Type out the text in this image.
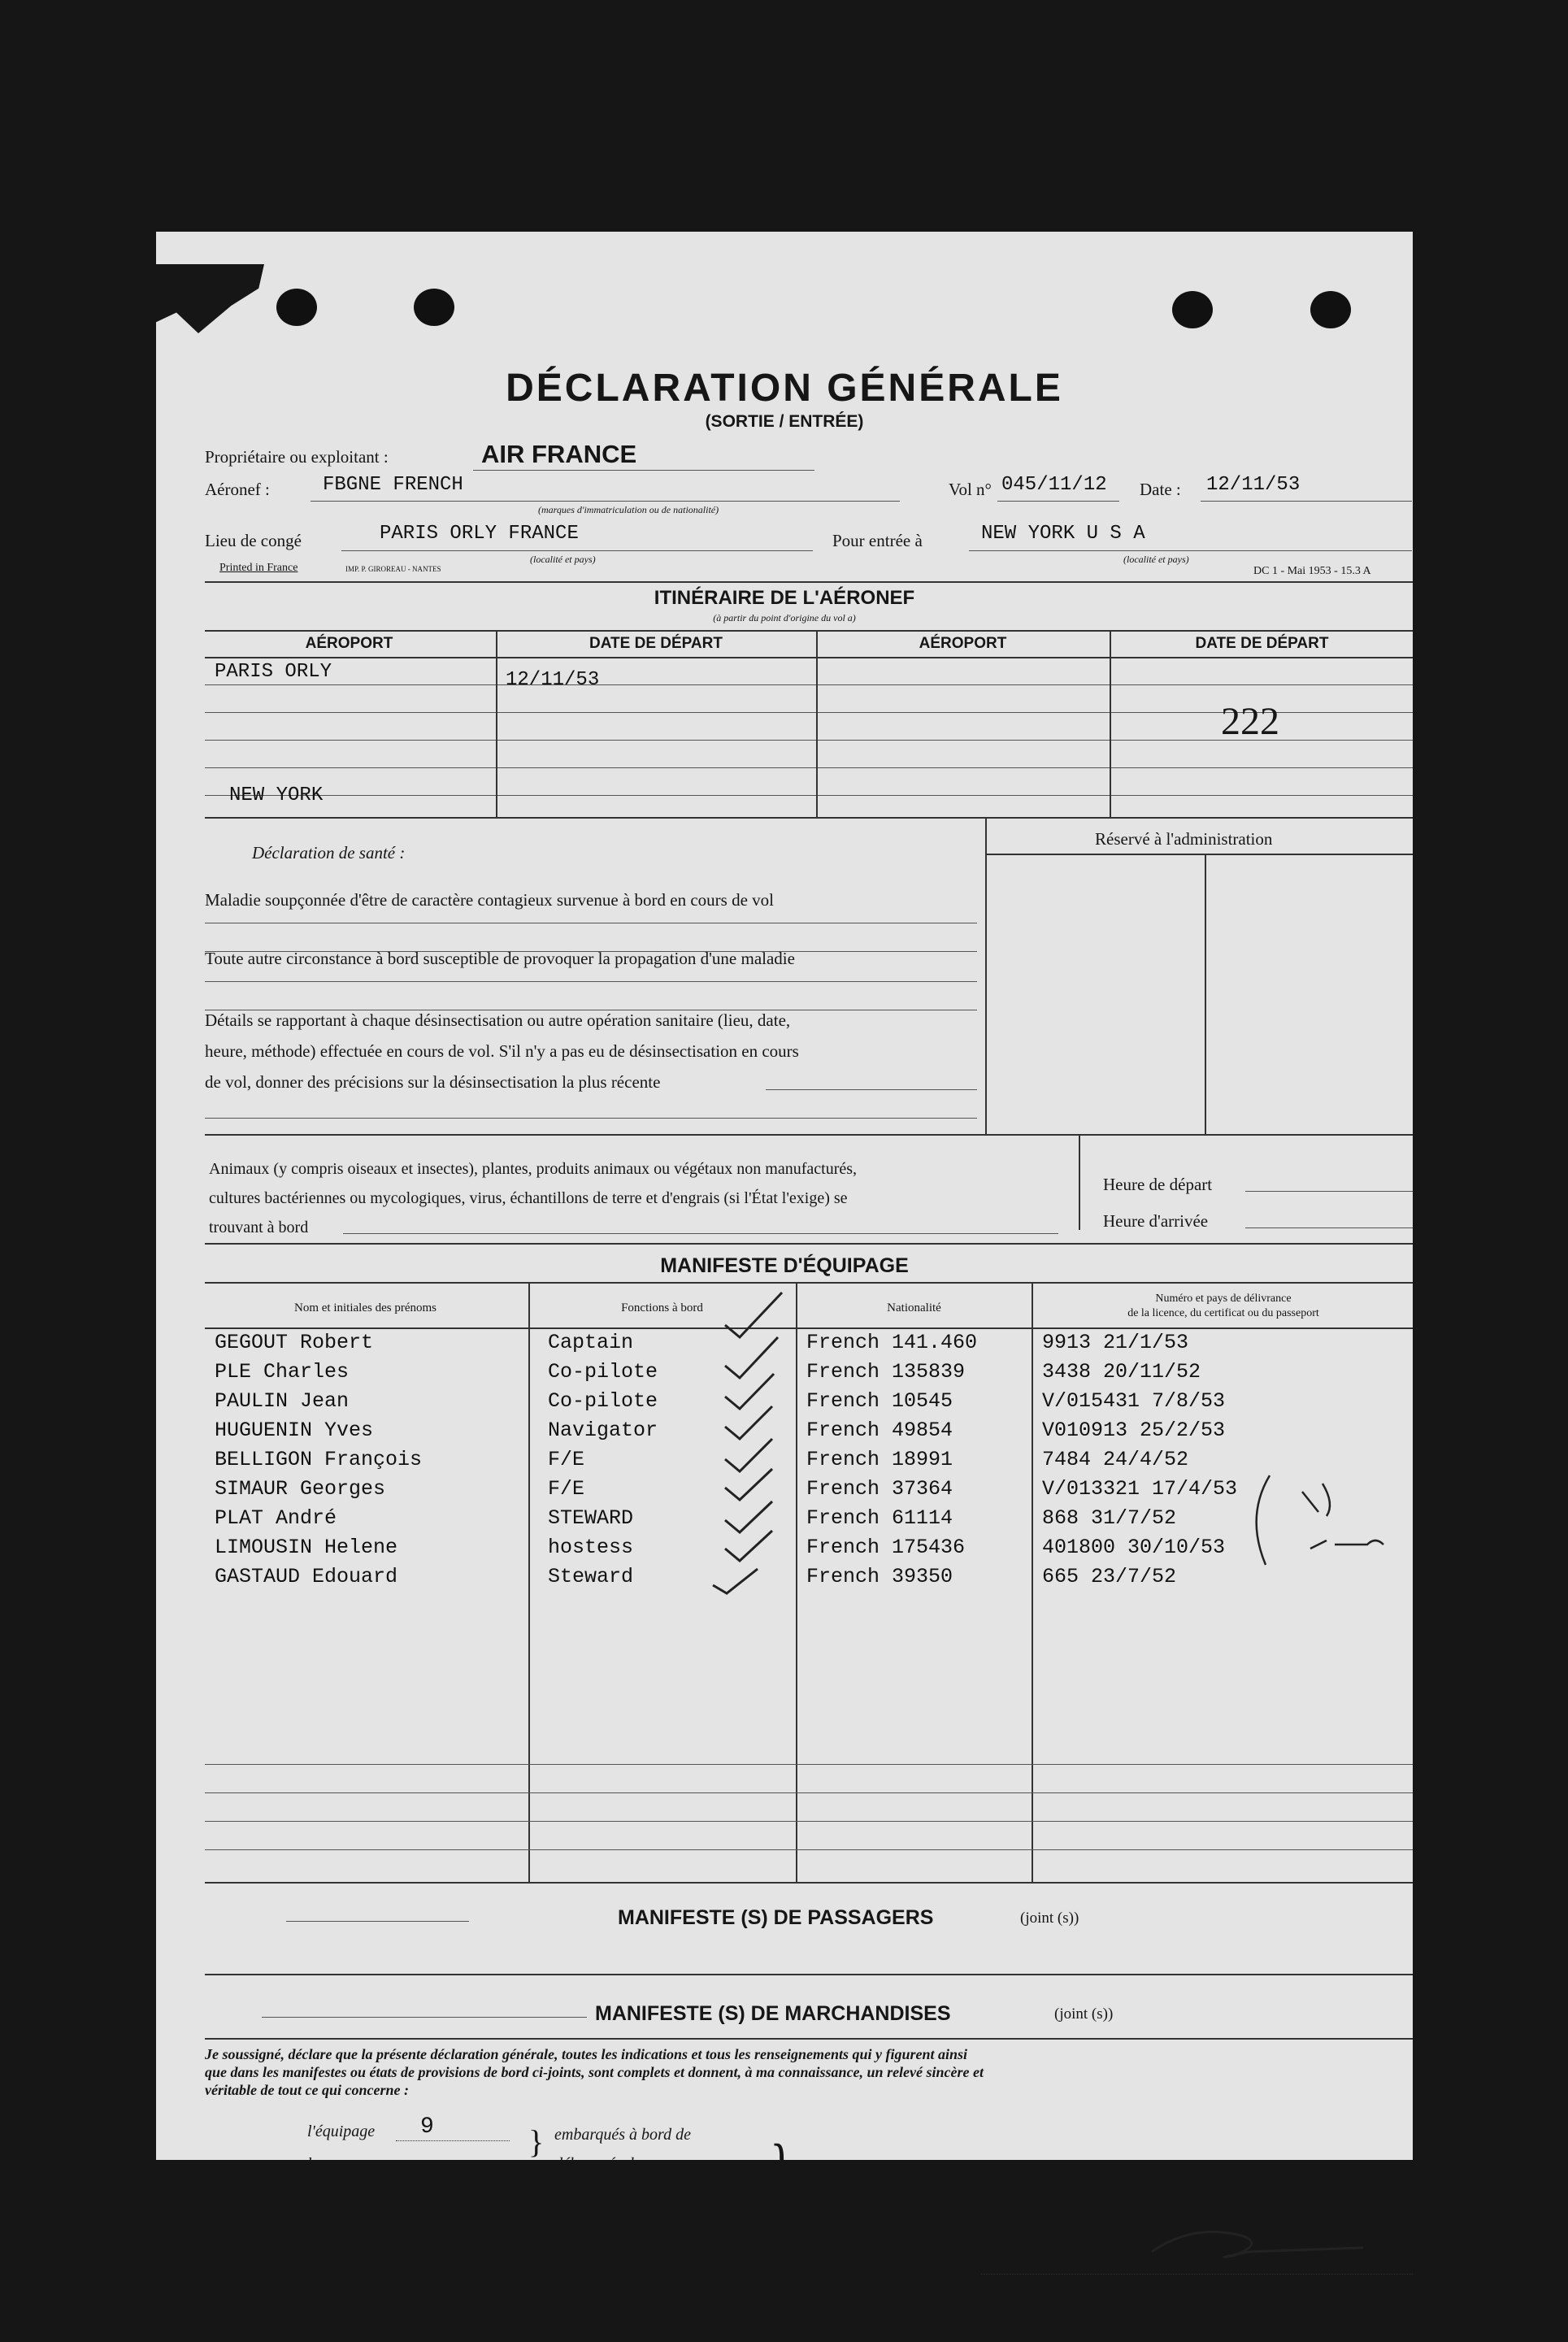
DÉCLARATION GÉNÉRALE
(SORTIE / ENTRÉE)
Propriétaire ou exploitant :	AIR FRANCE
Aéronef :	FBGNE FRENCH
(marques d'immatriculation ou de nationalité)
Vol n° 045/11/12 Date : 12/11/53
Lieu de congé	PARIS ORLY FRANCE
(localité et pays)
Pour entrée à	NEW YORK U S A
(localité et pays)
Printed in France	IMP. P. GIROREAU - NANTES	DC 1 - Mai 1953 - 15.3 A
ITINÉRAIRE DE L'AÉRONEF
(à partir du point d'origine du vol a)
AÉROPORT	DATE DE DÉPART	AÉROPORT	DATE DE DÉPART
PARIS ORLY	12/11/53
NEW YORK
222
Déclaration de santé :
Maladie soupçonnée d'être de caractère contagieux survenue à bord en cours de vol
Toute autre circonstance à bord susceptible de provoquer la propagation d'une maladie
Détails se rapportant à chaque désinsectisation ou autre opération sanitaire (lieu, date,
heure, méthode) effectuée en cours de vol. S'il n'y a pas eu de désinsectisation en cours
de vol, donner des précisions sur la désinsectisation la plus récente
Réservé à l'administration
Animaux (y compris oiseaux et insectes), plantes, produits animaux ou végétaux non manufacturés,
cultures bactériennes ou mycologiques, virus, échantillons de terre et d'engrais (si l'État l'exige) se
trouvant à bord
Heure de départ
Heure d'arrivée
MANIFESTE D'ÉQUIPAGE
Nom et initiales des prénoms	Fonctions à bord	Nationalité
Numéro et pays de délivrance
de la licence, du certificat ou du passeport
GEGOUT Robert	Captain	French 141.460	9913 21/1/53
PLE Charles	Co-pilote	French 135839	3438 20/11/52
PAULIN Jean	Co-pilote	French 10545	V/015431 7/8/53
HUGUENIN Yves	Navigator	French 49854	V010913 25/2/53
BELLIGON François	F/E	French 18991	7484 24/4/52
SIMAUR Georges	F/E	French 37364	V/013321 17/4/53
PLAT André	STEWARD	French 61114	868 31/7/52
LIMOUSIN Helene	hostess	French 175436	401800 30/10/53
GASTAUD Edouard	Steward	French 39350	665 23/7/52
MANIFESTE (S) DE PASSAGERS	(joint (s))
MANIFESTE (S) DE MARCHANDISES	(joint (s))
Je soussigné, déclare que la présente déclaration générale, toutes les indications et tous les renseignements qui y figurent ainsi
que dans les manifestes ou états de provisions de bord ci-joints, sont complets et donnent, à ma connaissance, un relevé sincère et
véritable de tout ce qui concerne :
l'équipage 9
les passagers
les marchandises
les provisions de bord
les articles postaux
}
}
embarqués à bord de
débarqués de
chargés à bord de
déchargés de
} l'aéronef ci-dessus.
SIGNATURE :
Pilote commandant de bord ou agent agréé
941 CAO 1775
